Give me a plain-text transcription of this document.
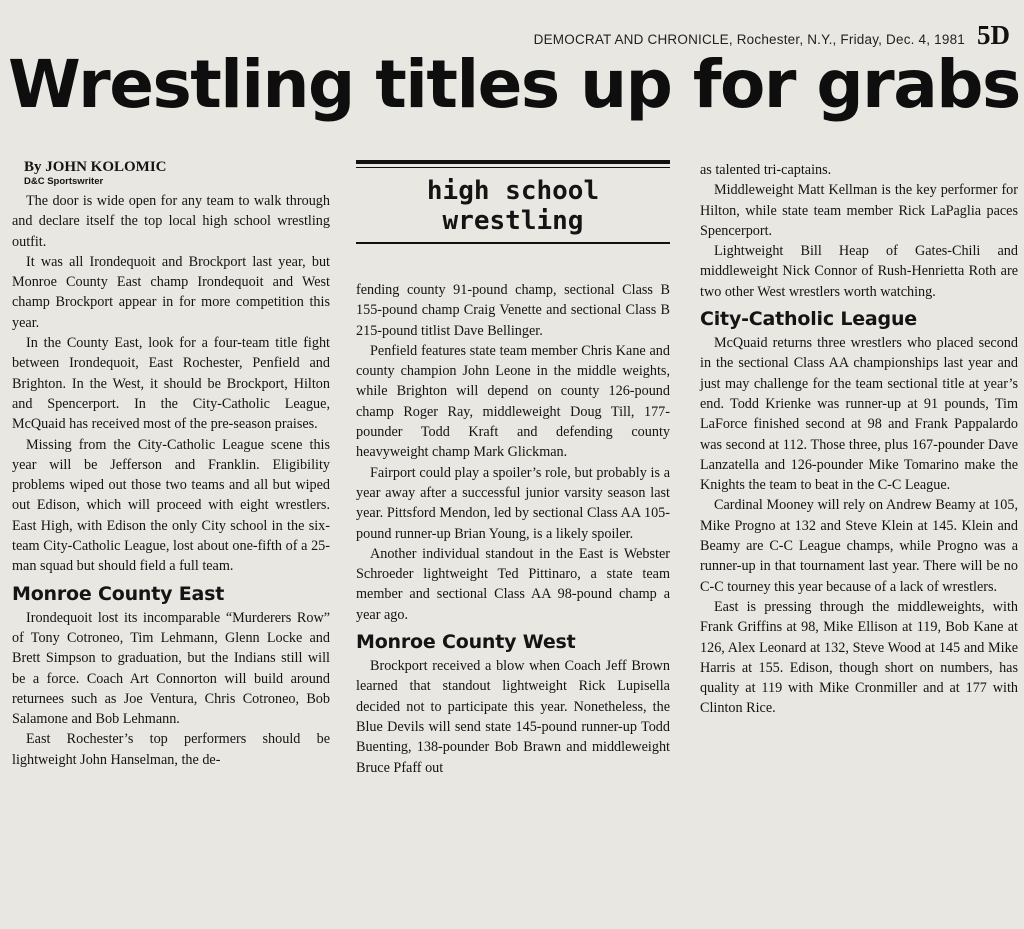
DEMOCRAT AND CHRONICLE, Rochester, N.Y., Friday, Dec. 4, 1981 5D
Wrestling titles up for grabs
By JOHN KOLOMIC
D&C Sportswriter

The door is wide open for any team to walk through and declare itself the top local high school wrestling outfit.

It was all Irondequoit and Brockport last year, but Monroe County East champ Irondequoit and West champ Brockport appear in for more competition this year.

In the County East, look for a four-team title fight between Irondequoit, East Rochester, Penfield and Brighton. In the West, it should be Brockport, Hilton and Spencerport. In the City-Catholic League, McQuaid has received most of the pre-season praises.

Missing from the City-Catholic League scene this year will be Jefferson and Franklin. Eligibility problems wiped out those two teams and all but wiped out Edison, which will proceed with eight wrestlers. East High, with Edison the only City school in the six-team City-Catholic League, lost about one-fifth of a 25-man squad but should field a full team.

Monroe County East

Irondequoit lost its incomparable “Murderers Row” of Tony Cotroneo, Tim Lehmann, Glenn Locke and Brett Simpson to graduation, but the Indians still will be a force. Coach Art Connorton will build around returnees such as Joe Ventura, Chris Cotroneo, Bob Salamone and Bob Lehmann.

East Rochester’s top performers should be lightweight John Hanselman, the de-

high school
wrestling

fending county 91-pound champ, sectional Class B 155-pound champ Craig Venette and sectional Class B 215-pound titlist Dave Bellinger.

Penfield features state team member Chris Kane and county champion John Leone in the middle weights, while Brighton will depend on county 126-pound champ Roger Ray, middleweight Doug Till, 177-pounder Todd Kraft and defending county heavyweight champ Mark Glickman.

Fairport could play a spoiler’s role, but probably is a year away after a successful junior varsity season last year. Pittsford Mendon, led by sectional Class AA 105-pound runner-up Brian Young, is a likely spoiler.

Another individual standout in the East is Webster Schroeder lightweight Ted Pittinaro, a state team member and sectional Class AA 98-pound champ a year ago.

Monroe County West

Brockport received a blow when Coach Jeff Brown learned that standout lightweight Rick Lupisella decided not to participate this year. Nonetheless, the Blue Devils will send state 145-pound runner-up Todd Buenting, 138-pounder Bob Brawn and middleweight Bruce Pfaff out

as talented tri-captains.

Middleweight Matt Kellman is the key performer for Hilton, while state team member Rick LaPaglia paces Spencerport.

Lightweight Bill Heap of Gates-Chili and middleweight Nick Connor of Rush-Henrietta Roth are two other West wrestlers worth watching.

City-Catholic League

McQuaid returns three wrestlers who placed second in the sectional Class AA championships last year and just may challenge for the team sectional title at year’s end. Todd Krienke was runner-up at 91 pounds, Tim LaForce finished second at 98 and Frank Pappalardo was second at 112. Those three, plus 167-pounder Dave Lanzatella and 126-pounder Mike Tomarino make the Knights the team to beat in the C-C League.

Cardinal Mooney will rely on Andrew Beamy at 105, Mike Progno at 132 and Steve Klein at 145. Klein and Beamy are C-C League champs, while Progno was a runner-up in that tournament last year. There will be no C-C tourney this year because of a lack of wrestlers.

East is pressing through the middleweights, with Frank Griffins at 98, Mike Ellison at 119, Bob Kane at 126, Alex Leonard at 132, Steve Wood at 145 and Mike Harris at 155. Edison, though short on numbers, has quality at 119 with Mike Cronmiller and at 177 with Clinton Rice.
